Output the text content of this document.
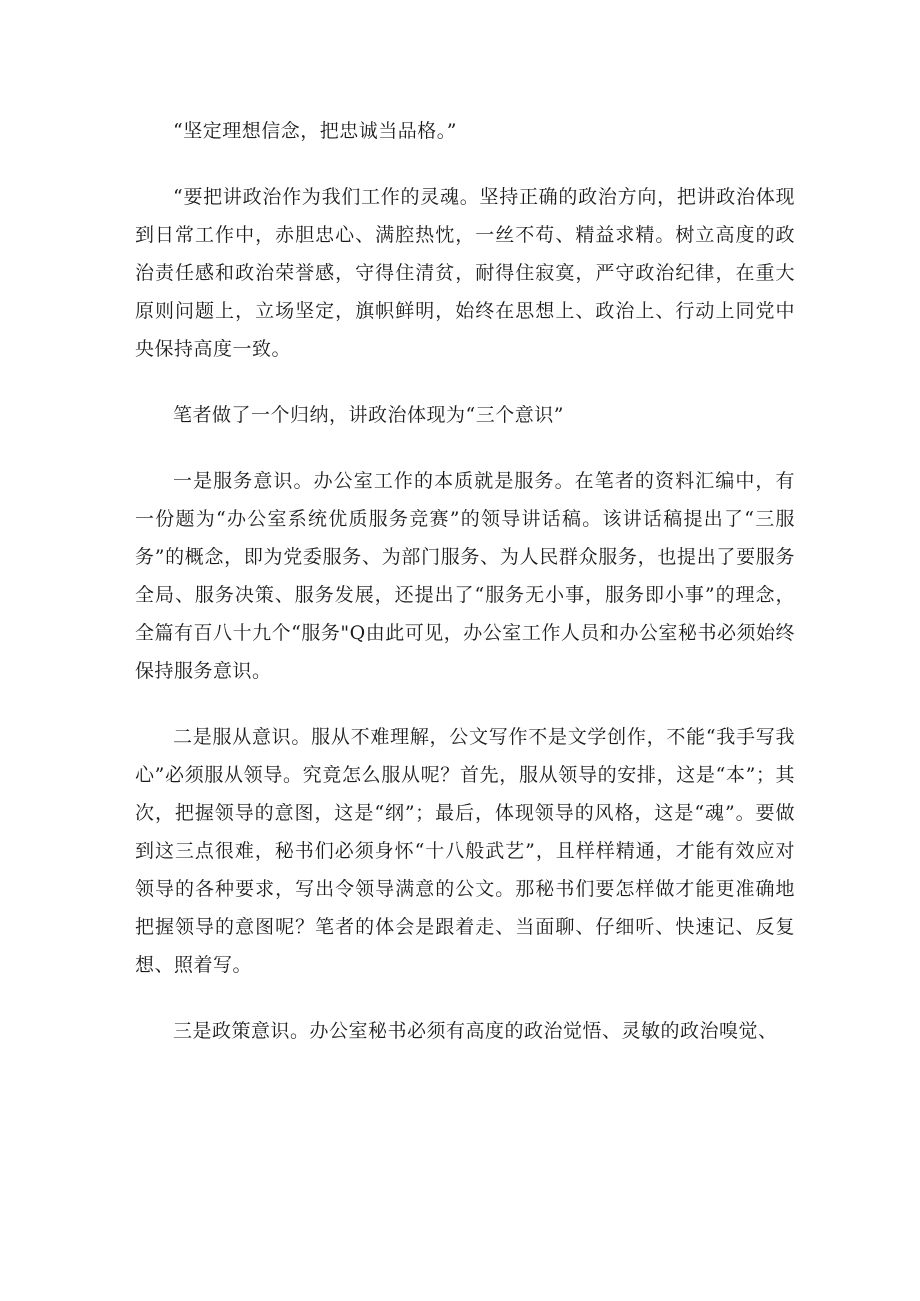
“坚定理想信念，把忠诚当品格。”

“要把讲政治作为我们工作的灵魂。坚持正确的政治方向，把讲政治体现到日常工作中，赤胆忠心、满腔热忱，一丝不苟、精益求精。树立高度的政治责任感和政治荣誉感，守得住清贫，耐得住寂寞，严守政治纪律，在重大原则问题上，立场坚定，旗帜鲜明，始终在思想上、政治上、行动上同党中央保持高度一致。

笔者做了一个归纳，讲政治体现为“三个意识”

一是服务意识。办公室工作的本质就是服务。在笔者的资料汇编中，有一份题为“办公室系统优质服务竞赛”的领导讲话稿。该讲话稿提出了“三服务”的概念，即为党委服务、为部门服务、为人民群众服务，也提出了要服务全局、服务决策、服务发展，还提出了“服务无小事，服务即小事”的理念，全篇有百八十九个“服务"Q由此可见，办公室工作人员和办公室秘书必须始终保持服务意识。

二是服从意识。服从不难理解，公文写作不是文学创作，不能“我手写我心”必须服从领导。究竟怎么服从呢？首先，服从领导的安排，这是“本”；其次，把握领导的意图，这是“纲”；最后，体现领导的风格，这是“魂”。要做到这三点很难，秘书们必须身怀“十八般武艺”，且样样精通，才能有效应对领导的各种要求，写出令领导满意的公文。那秘书们要怎样做才能更准确地把握领导的意图呢？笔者的体会是跟着走、当面聊、仔细听、快速记、反复想、照着写。

三是政策意识。办公室秘书必须有高度的政治觉悟、灵敏的政治嗅觉、
